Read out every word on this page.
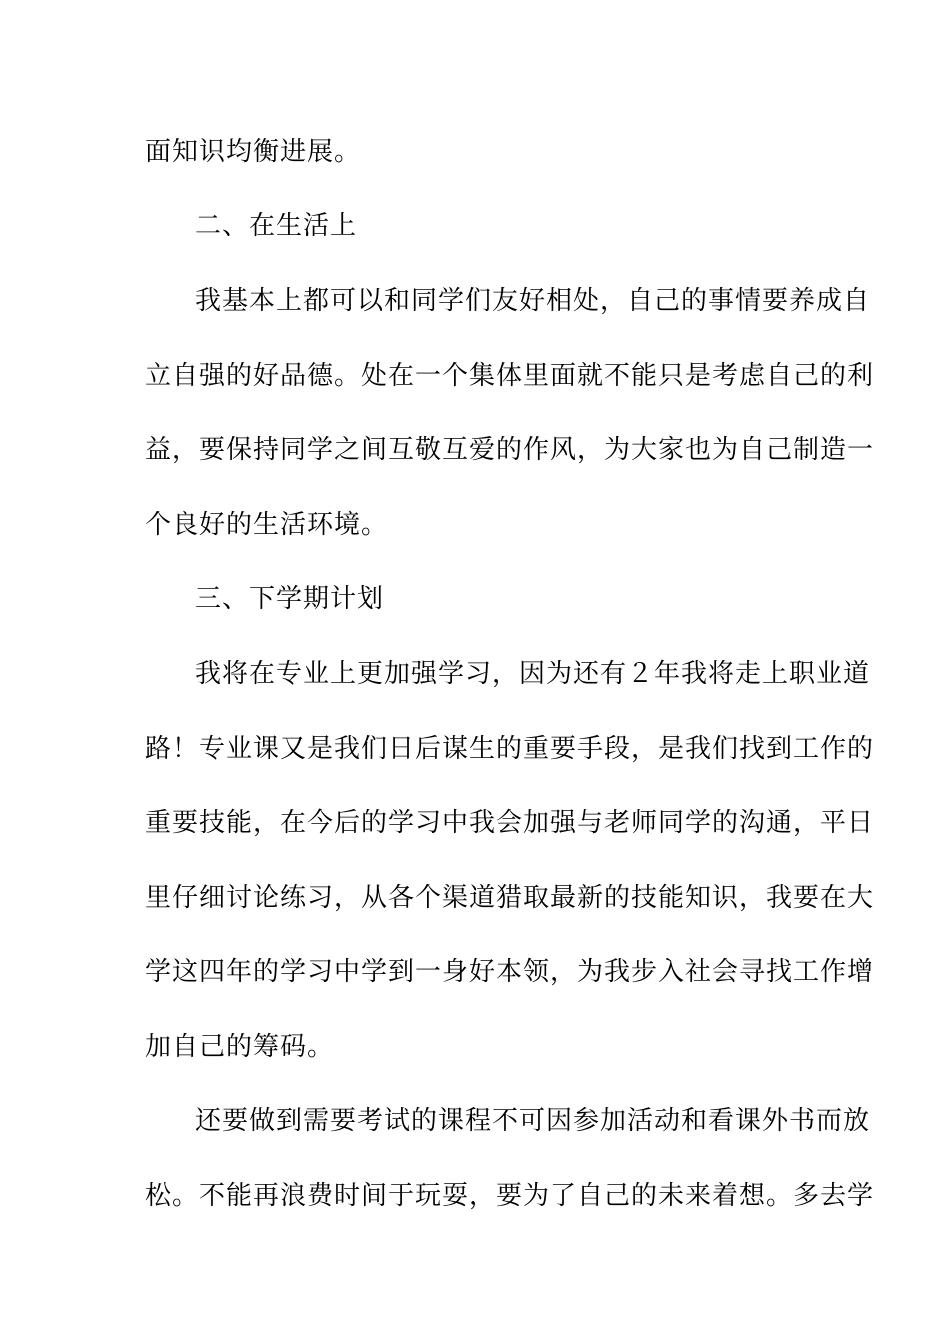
面知识均衡进展。
二、在生活上
我基本上都可以和同学们友好相处，自己的事情要养成自
立自强的好品德。处在一个集体里面就不能只是考虑自己的利
益，要保持同学之间互敬互爱的作风，为大家也为自己制造一
个良好的生活环境。
三、下学期计划
我将在专业上更加强学习，因为还有２年我将走上职业道
路！专业课又是我们日后谋生的重要手段，是我们找到工作的
重要技能，在今后的学习中我会加强与老师同学的沟通，平日
里仔细讨论练习，从各个渠道猎取最新的技能知识，我要在大
学这四年的学习中学到一身好本领，为我步入社会寻找工作增
加自己的筹码。
还要做到需要考试的课程不可因参加活动和看课外书而放
松。不能再浪费时间于玩耍，要为了自己的未来着想。多去学
